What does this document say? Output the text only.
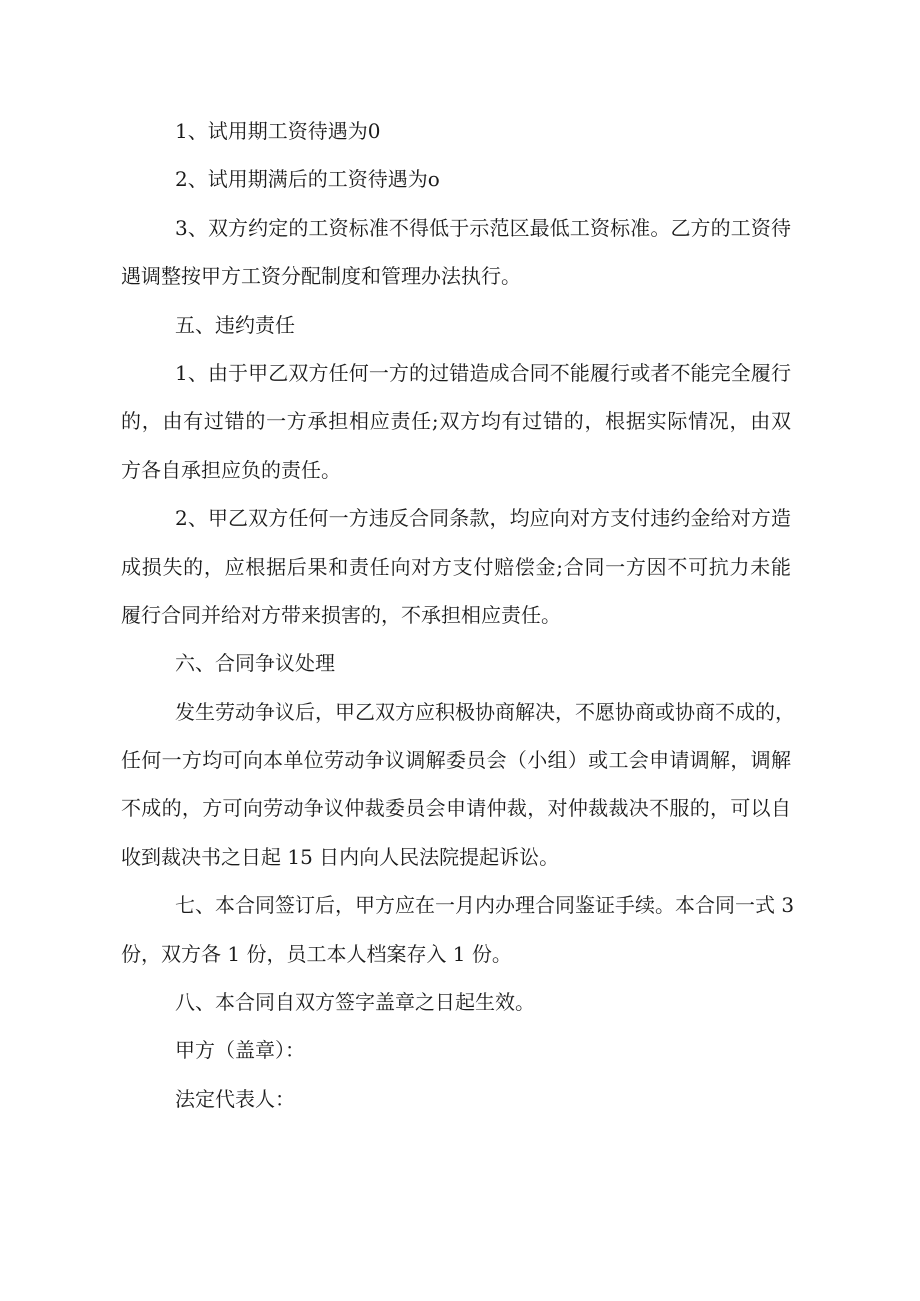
1、试用期工资待遇为0
2、试用期满后的工资待遇为o
3、双方约定的工资标准不得低于示范区最低工资标准。乙方的工资待
遇调整按甲方工资分配制度和管理办法执行。
五、违约责任
1、由于甲乙双方任何一方的过错造成合同不能履行或者不能完全履行
的，由有过错的一方承担相应责任;双方均有过错的，根据实际情况，由双
方各自承担应负的责任。
2、甲乙双方任何一方违反合同条款，均应向对方支付违约金给对方造
成损失的，应根据后果和责任向对方支付赔偿金;合同一方因不可抗力未能
履行合同并给对方带来损害的，不承担相应责任。
六、合同争议处理
发生劳动争议后，甲乙双方应积极协商解决，不愿协商或协商不成的，
任何一方均可向本单位劳动争议调解委员会（小组）或工会申请调解，调解
不成的，方可向劳动争议仲裁委员会申请仲裁，对仲裁裁决不服的，可以自
收到裁决书之日起 15 日内向人民法院提起诉讼。
七、本合同签订后，甲方应在一月内办理合同鉴证手续。本合同一式 3
份，双方各 1 份，员工本人档案存入 1 份。
八、本合同自双方签字盖章之日起生效。
甲方（盖章）：
法定代表人：
